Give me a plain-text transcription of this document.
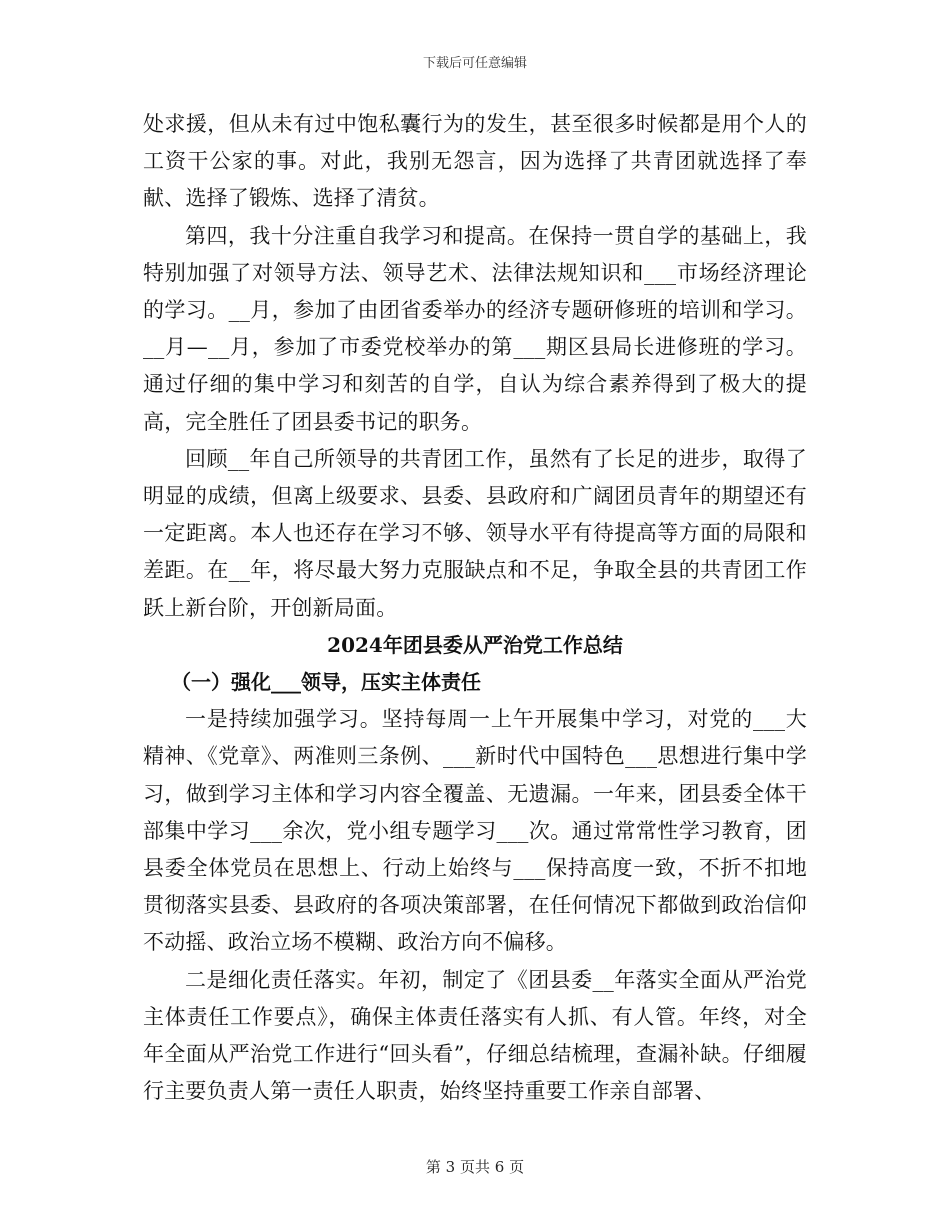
下载后可任意编辑

处求援，但从未有过中饱私囊行为的发生，甚至很多时候都是用个人的工资干公家的事。对此，我别无怨言，因为选择了共青团就选择了奉献、选择了锻炼、选择了清贫。

第四，我十分注重自我学习和提高。在保持一贯自学的基础上，我特别加强了对领导方法、领导艺术、法律法规知识和___市场经济理论的学习。__月，参加了由团省委举办的经济专题研修班的培训和学习。__月—__月，参加了市委党校举办的第___期区县局长进修班的学习。通过仔细的集中学习和刻苦的自学，自认为综合素养得到了极大的提高，完全胜任了团县委书记的职务。

回顾__年自己所领导的共青团工作，虽然有了长足的进步，取得了明显的成绩，但离上级要求、县委、县政府和广阔团员青年的期望还有一定距离。本人也还存在学习不够、领导水平有待提高等方面的局限和差距。在__年，将尽最大努力克服缺点和不足，争取全县的共青团工作跃上新台阶，开创新局面。

2024年团县委从严治党工作总结

（一）强化___领导，压实主体责任

一是持续加强学习。坚持每周一上午开展集中学习，对党的___大精神、《党章》、两准则三条例、___新时代中国特色___思想进行集中学习，做到学习主体和学习内容全覆盖、无遗漏。一年来，团县委全体干部集中学习___余次，党小组专题学习___次。通过常常性学习教育，团县委全体党员在思想上、行动上始终与___保持高度一致，不折不扣地贯彻落实县委、县政府的各项决策部署，在任何情况下都做到政治信仰不动摇、政治立场不模糊、政治方向不偏移。

二是细化责任落实。年初，制定了《团县委__年落实全面从严治党主体责任工作要点》，确保主体责任落实有人抓、有人管。年终，对全年全面从严治党工作进行“回头看”，仔细总结梳理，查漏补缺。仔细履行主要负责人第一责任人职责，始终坚持重要工作亲自部署、

第 3 页共 6 页
